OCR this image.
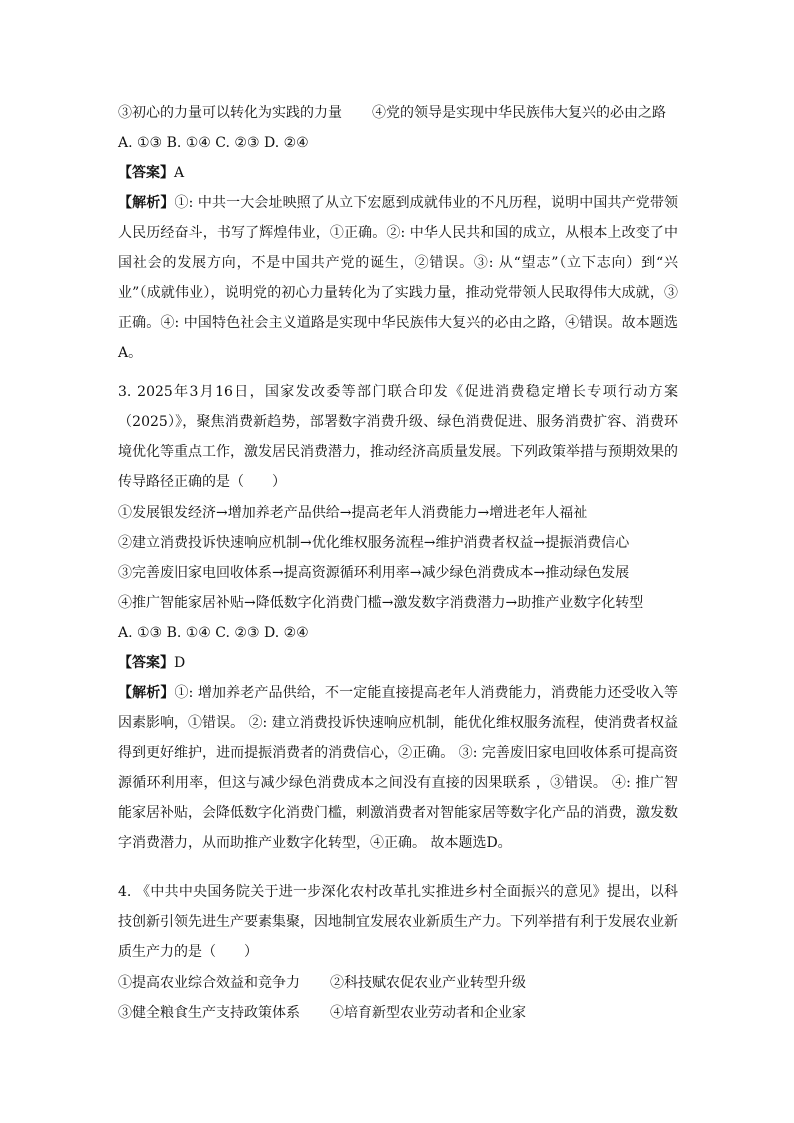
③初心的力量可以转化为实践的力量 ④党的领导是实现中华民族伟大复兴的必由之路
A. ①③ B. ①④ C. ②③ D. ②④
【答案】A
【解析】①: 中共一大会址映照了从立下宏愿到成就伟业的不凡历程，说明中国共产党带领人民历经奋斗，书写了辉煌伟业，①正确。②: 中华人民共和国的成立，从根本上改变了中国社会的发展方向，不是中国共产党的诞生，②错误。③: 从“望志”（立下志向）到“兴业”（成就伟业），说明党的初心力量转化为了实践力量，推动党带领人民取得伟大成就，③正确。④: 中国特色社会主义道路是实现中华民族伟大复兴的必由之路，④错误。故本题选A。
3. 2025年3月16日，国家发改委等部门联合印发《促进消费稳定增长专项行动方案（2025）》，聚焦消费新趋势，部署数字消费升级、绿色消费促进、服务消费扩容、消费环境优化等重点工作，激发居民消费潜力，推动经济高质量发展。下列政策举措与预期效果的传导路径正确的是（　　）
①发展银发经济→增加养老产品供给→提高老年人消费能力→增进老年人福祉
②建立消费投诉快速响应机制→优化维权服务流程→维护消费者权益→提振消费信心
③完善废旧家电回收体系→提高资源循环利用率→减少绿色消费成本→推动绿色发展
④推广智能家居补贴→降低数字化消费门槛→激发数字消费潜力→助推产业数字化转型
A. ①③ B. ①④ C. ②③ D. ②④
【答案】D
【解析】①: 增加养老产品供给，不一定能直接提高老年人消费能力，消费能力还受收入等因素影响，①错误。 ②: 建立消费投诉快速响应机制，能优化维权服务流程，使消费者权益得到更好维护，进而提振消费者的消费信心，②正确。 ③: 完善废旧家电回收体系可提高资源循环利用率，但这与减少绿色消费成本之间没有直接的因果联系 ，③错误。 ④: 推广智能家居补贴，会降低数字化消费门槛，刺激消费者对智能家居等数字化产品的消费，激发数字消费潜力，从而助推产业数字化转型，④正确。 故本题选D。
4. 《中共中央国务院关于进一步深化农村改革扎实推进乡村全面振兴的意见》提出，以科技创新引领先进生产要素集聚，因地制宜发展农业新质生产力。下列举措有利于发展农业新质生产力的是（　　）
①提高农业综合效益和竞争力 ②科技赋农促农业产业转型升级
③健全粮食生产支持政策体系 ④培育新型农业劳动者和企业家
